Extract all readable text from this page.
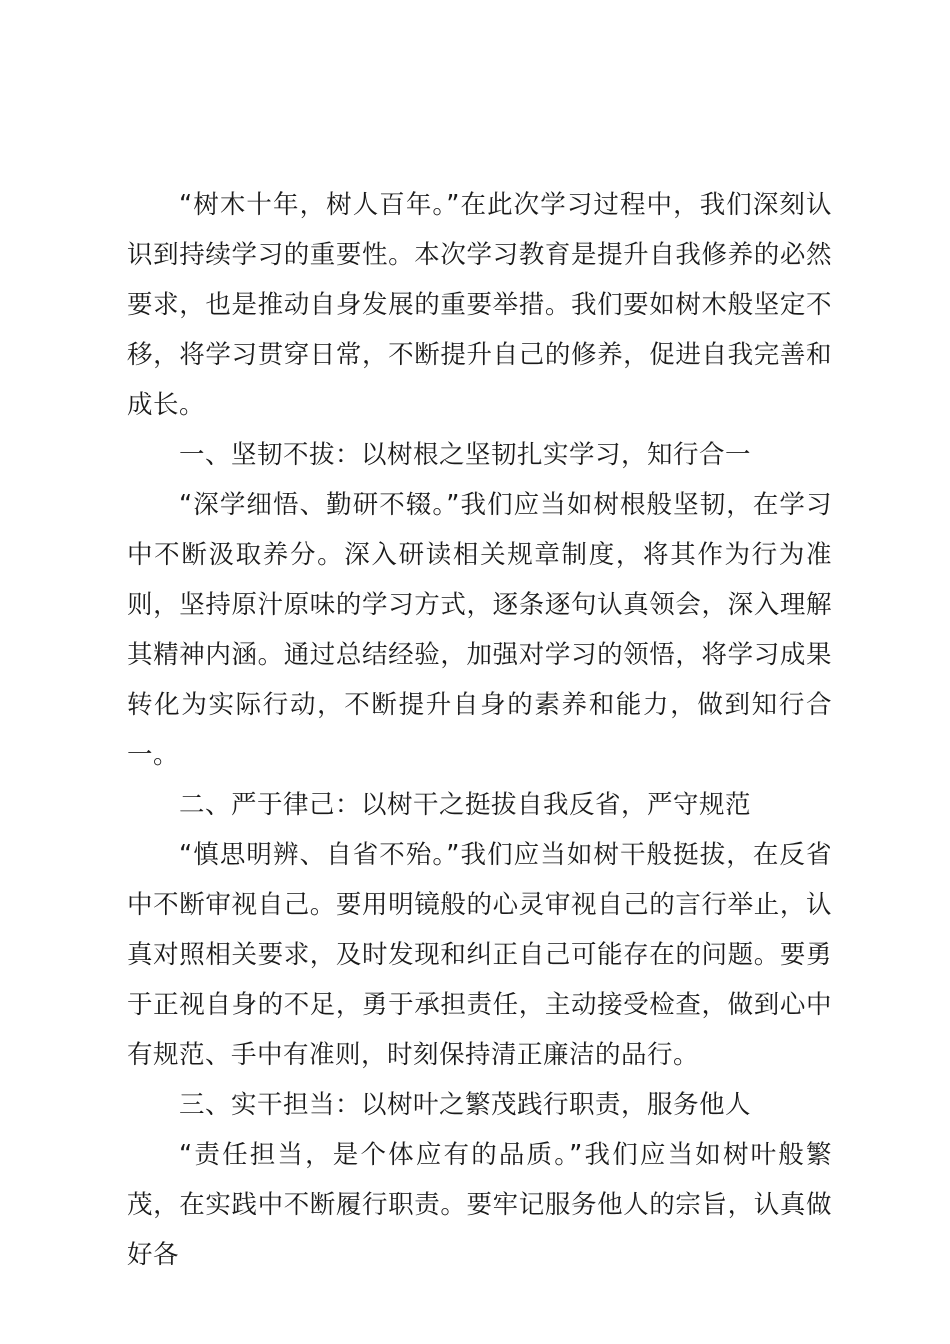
“树木十年，树人百年。”在此次学习过程中，我们深刻认识到持续学习的重要性。本次学习教育是提升自我修养的必然要求，也是推动自身发展的重要举措。我们要如树木般坚定不移，将学习贯穿日常，不断提升自己的修养，促进自我完善和成长。

一、坚韧不拔：以树根之坚韧扎实学习，知行合一

“深学细悟、勤研不辍。”我们应当如树根般坚韧，在学习中不断汲取养分。深入研读相关规章制度，将其作为行为准则，坚持原汁原味的学习方式，逐条逐句认真领会，深入理解其精神内涵。通过总结经验，加强对学习的领悟，将学习成果转化为实际行动，不断提升自身的素养和能力，做到知行合一。

二、严于律己：以树干之挺拔自我反省，严守规范

“慎思明辨、自省不殆。”我们应当如树干般挺拔，在反省中不断审视自己。要用明镜般的心灵审视自己的言行举止，认真对照相关要求，及时发现和纠正自己可能存在的问题。要勇于正视自身的不足，勇于承担责任，主动接受检查，做到心中有规范、手中有准则，时刻保持清正廉洁的品行。

三、实干担当：以树叶之繁茂践行职责，服务他人

“责任担当，是个体应有的品质。”我们应当如树叶般繁茂，在实践中不断履行职责。要牢记服务他人的宗旨，认真做好各
